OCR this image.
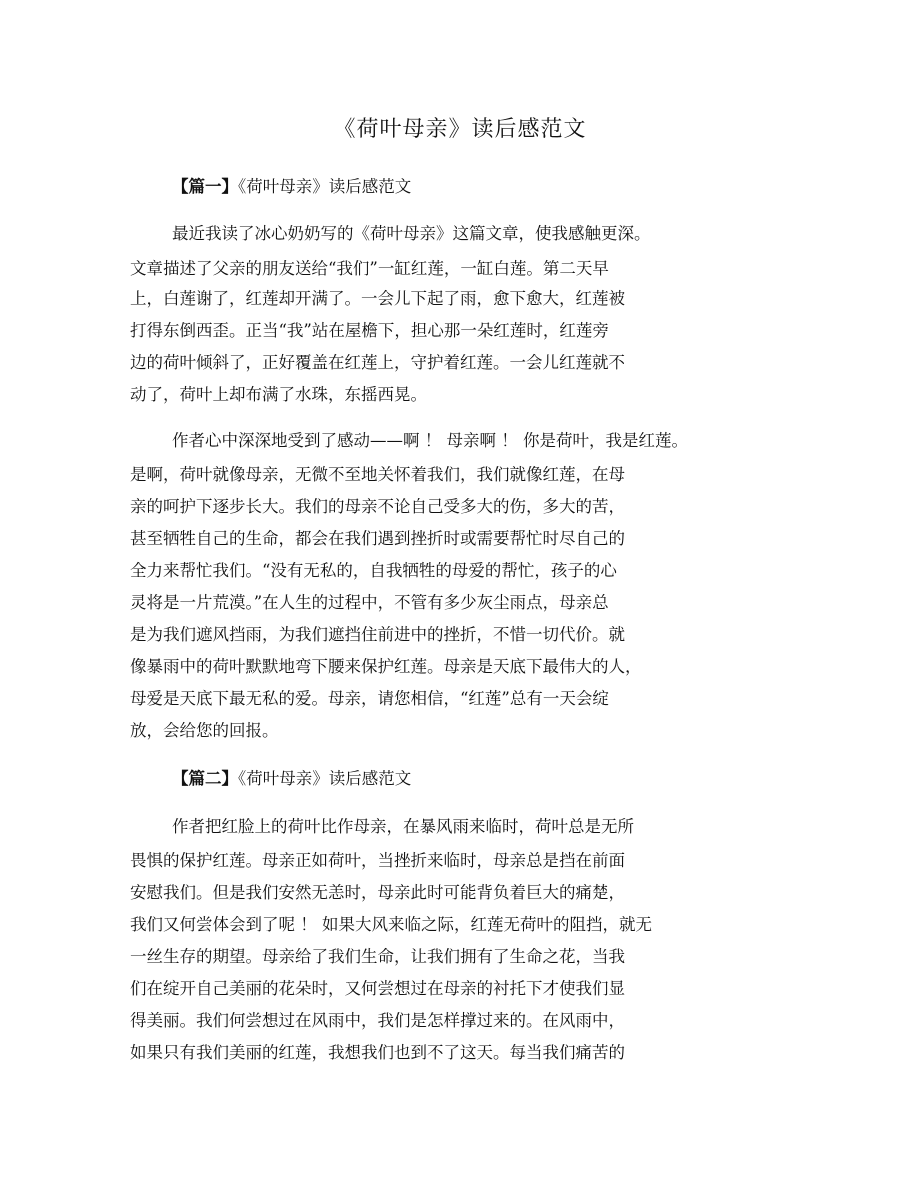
《荷叶母亲》读后感范文
【篇一】《荷叶母亲》读后感范文
最近我读了冰心奶奶写的《荷叶母亲》这篇文章，使我感触更深。
文章描述了父亲的朋友送给“我们”一缸红莲，一缸白莲。第二天早
上，白莲谢了，红莲却开满了。一会儿下起了雨，愈下愈大，红莲被
打得东倒西歪。正当“我”站在屋檐下，担心那一朵红莲时，红莲旁
边的荷叶倾斜了，正好覆盖在红莲上，守护着红莲。一会儿红莲就不
动了，荷叶上却布满了水珠，东摇西晃。
作者心中深深地受到了感动——啊 ！ 母亲啊 ！ 你是荷叶，我是红莲。
是啊，荷叶就像母亲，无微不至地关怀着我们，我们就像红莲，在母
亲的呵护下逐步长大。我们的母亲不论自己受多大的伤，多大的苦，
甚至牺牲自己的生命，都会在我们遇到挫折时或需要帮忙时尽自己的
全力来帮忙我们。“没有无私的，自我牺牲的母爱的帮忙，孩子的心
灵将是一片荒漠。”在人生的过程中，不管有多少灰尘雨点，母亲总
是为我们遮风挡雨，为我们遮挡住前进中的挫折，不惜一切代价。就
像暴雨中的荷叶默默地弯下腰来保护红莲。母亲是天底下最伟大的人，
母爱是天底下最无私的爱。母亲，请您相信，“红莲”总有一天会绽
放，会给您的回报。
【篇二】《荷叶母亲》读后感范文
作者把红脸上的荷叶比作母亲，在暴风雨来临时，荷叶总是无所
畏惧的保护红莲。母亲正如荷叶，当挫折来临时，母亲总是挡在前面
安慰我们。但是我们安然无恙时，母亲此时可能背负着巨大的痛楚，
我们又何尝体会到了呢 ！ 如果大风来临之际，红莲无荷叶的阻挡，就无
一丝生存的期望。母亲给了我们生命，让我们拥有了生命之花，当我
们在绽开自己美丽的花朵时，又何尝想过在母亲的衬托下才使我们显
得美丽。我们何尝想过在风雨中，我们是怎样撑过来的。在风雨中，
如果只有我们美丽的红莲，我想我们也到不了这天。每当我们痛苦的
